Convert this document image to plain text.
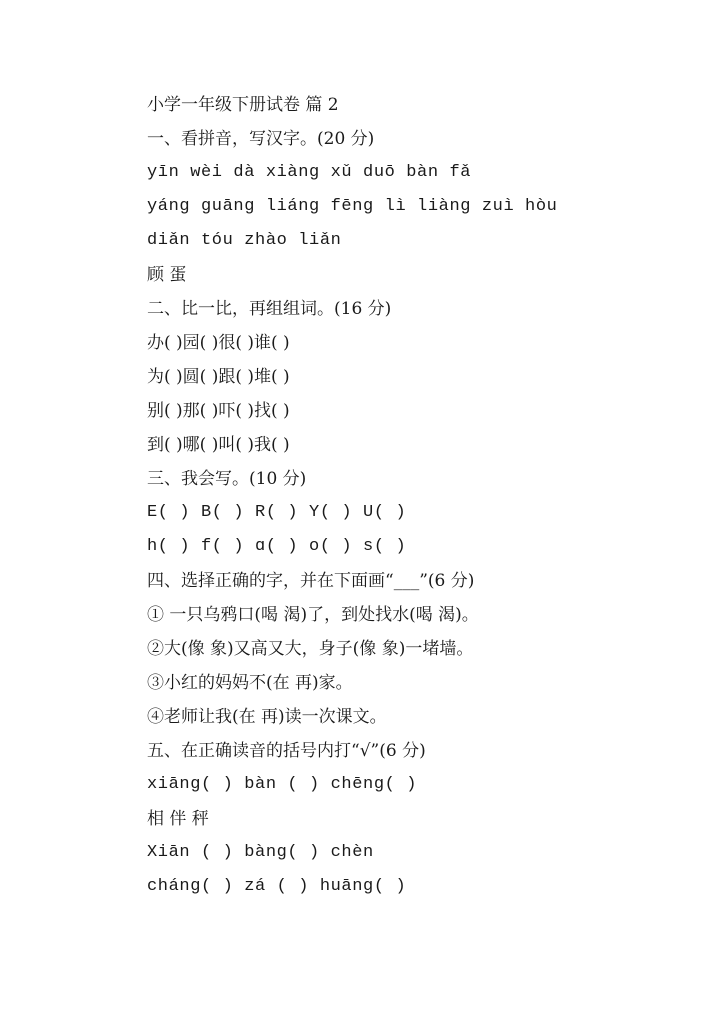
小学一年级下册试卷 篇 2
一、看拼音，写汉字。(20 分)
yīn wèi dà xiàng xǔ duō bàn fǎ
yáng guāng liáng fēng lì liàng zuì hòu
diǎn tóu zhào liǎn
顾 蛋
二、比一比，再组组词。(16 分)
办( )园( )很( )谁( )
为( )圆( )跟( )堆( )
别( )那( )吓( )找( )
到( )哪( )叫( )我( )
三、我会写。(10 分)
E( ) B( ) R( ) Y( ) U( )
h( ) f( ) ɑ( ) o( ) s( )
四、选择正确的字，并在下面画“___”(6 分)
① 一只乌鸦口(喝 渴)了，到处找水(喝 渴)。
②大(像 象)又高又大，身子(像 象)一堵墙。
③小红的妈妈不(在 再)家。
④老师让我(在 再)读一次课文。
五、在正确读音的括号内打“√”(6 分)
xiāng( ) bàn ( ) chēng( )
相 伴 秤
Xiān ( ) bàng( ) chèn
cháng( ) zá ( ) huāng( )
